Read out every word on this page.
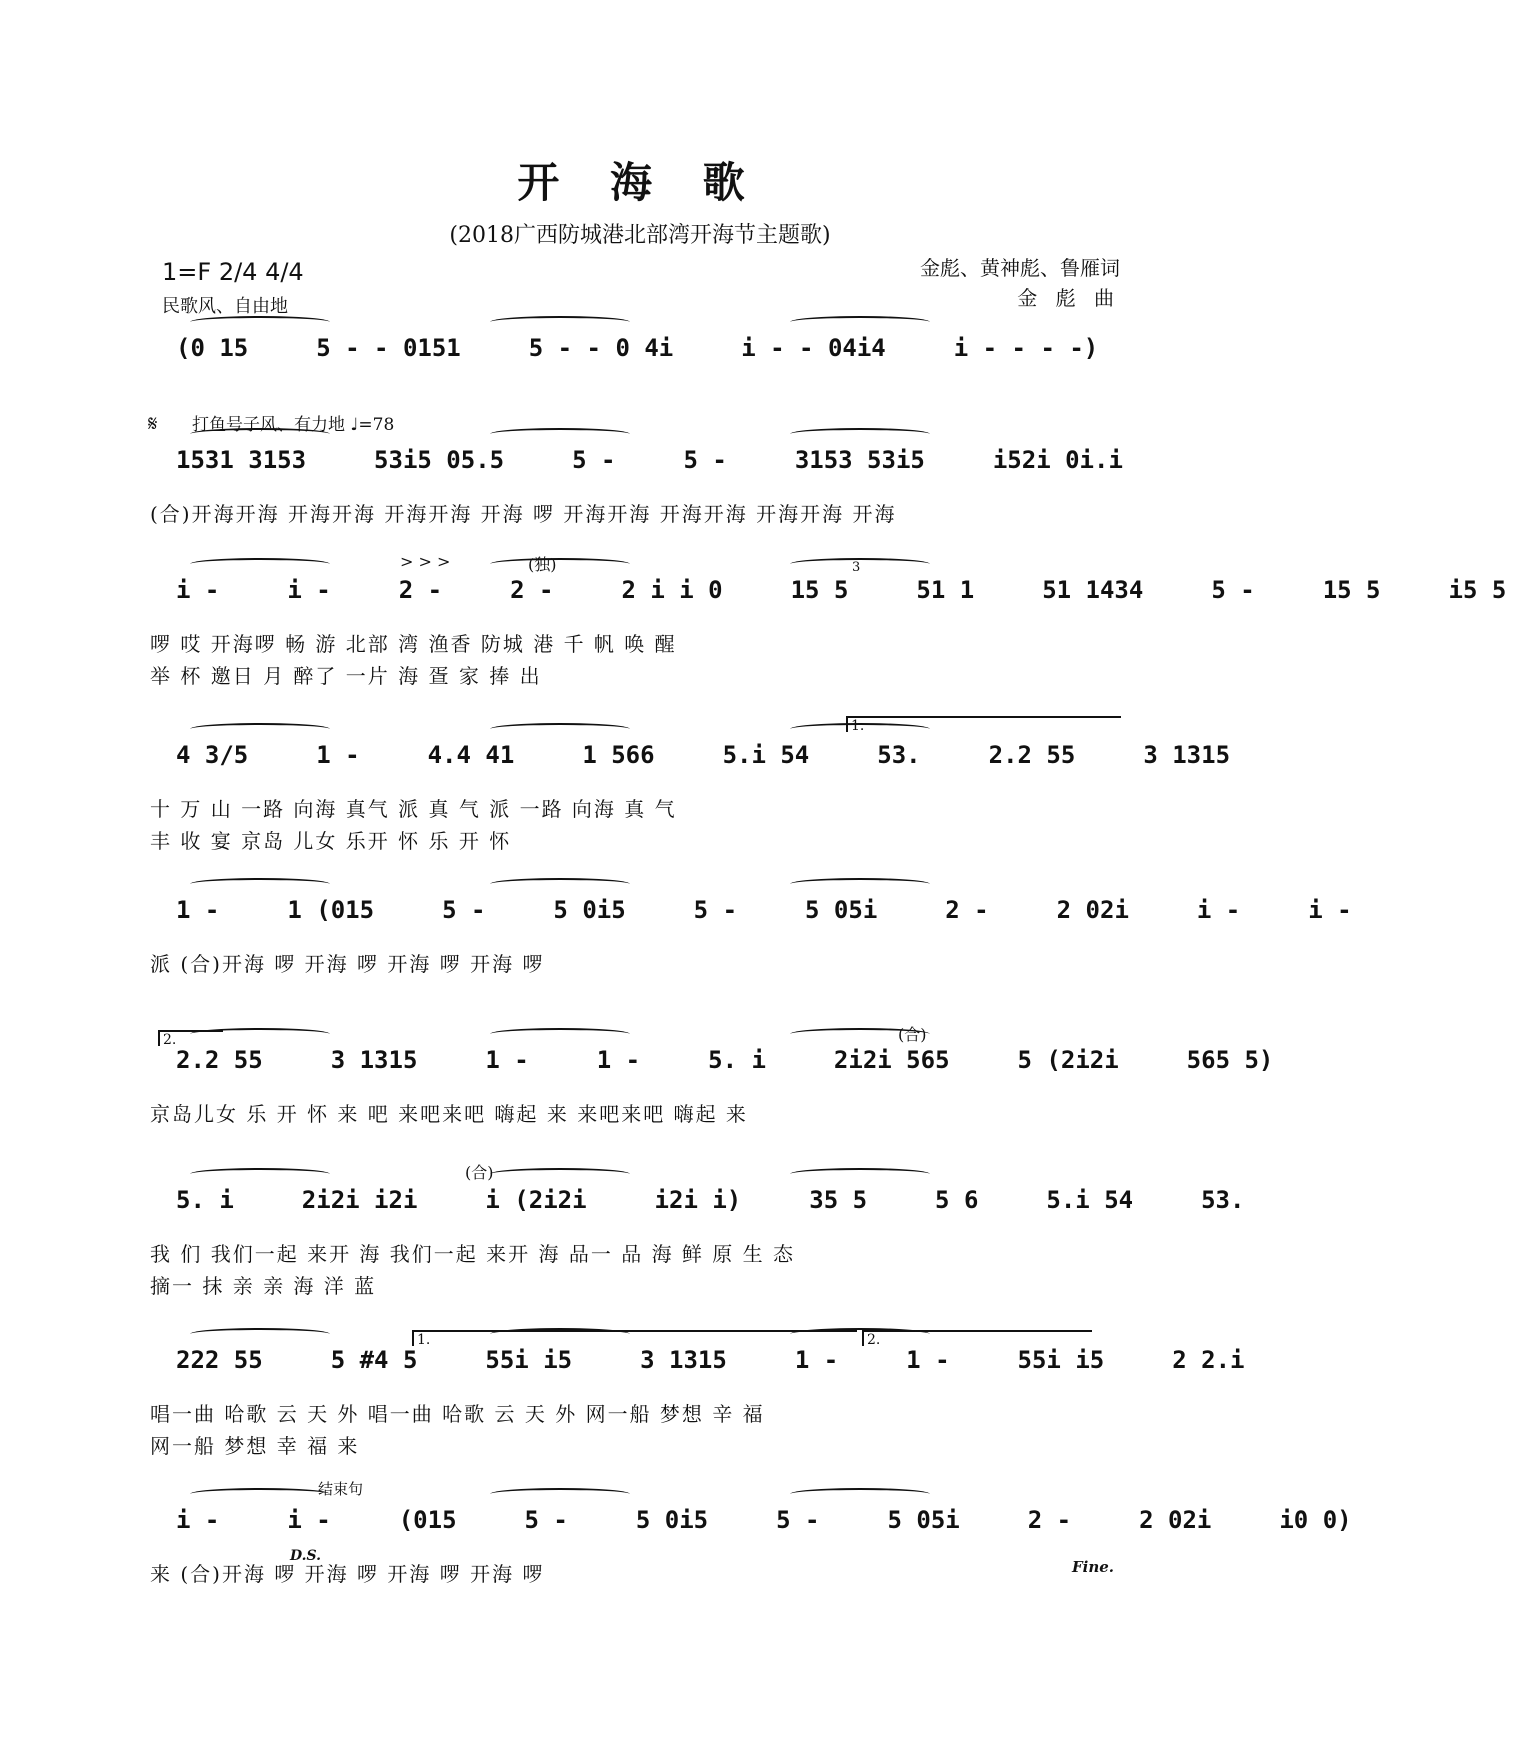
开 海 歌
(2018广西防城港北部湾开海节主题歌)
1=F 2/4 4/4
民歌风、自由地
金彪、黄神彪、鲁雁词
金 彪 曲
𝄋 打鱼号子风、有力地 ♩=78
(独)
> > >	3
(合)
(合)
结束句
D.S.
Fine.
1.
2.
1.	2.
(0 15	5 - - 0151	5 - - 0 4i	i - - 04i4	i - - - -)
1531 3153	53i5 05.5	5 -	5 -	3153 53i5	i52i 0i.i
(合)开海开海 开海开海 开海开海 开海 啰 开海开海 开海开海 开海开海 开海
i -	i -	2 -	2 -	2 i i 0	15 5	51 1	51 1434	5 -	15 5	i5 5
啰 哎 开海啰 畅 游 北部 湾 渔香 防城 港 千 帆 唤 醒
举 杯 邀日 月 醉了 一片 海 疍 家 捧 出
4 3/5	1 -	4.4 41	1 566	5.i 54	53.	2.2 55	3 1315
十 万 山 一路 向海 真气 派 真 气 派 一路 向海 真 气
丰 收 宴 京岛 儿女 乐开 怀 乐 开 怀
1 -	1 (015	5 -	5 0i5	5 -	5 05i	2 -	2 02i	i -	i -
派 (合)开海 啰 开海 啰 开海 啰 开海 啰
2.2 55	3 1315	1 -	1 -	5. i	2i2i 565	5 (2i2i	565 5)
京岛儿女 乐 开 怀 来 吧 来吧来吧 嗨起 来 来吧来吧 嗨起 来
5. i	2i2i i2i	i (2i2i	i2i i)	35 5	5 6	5.i 54	53.
我 们 我们一起 来开 海 我们一起 来开 海 品一 品 海 鲜 原 生 态
摘一 抹 亲 亲 海 洋 蓝
222 55	5 #4 5	55i i5	3 1315	1 -	1 -	55i i5	2 2.i
唱一曲 哈歌 云 天 外 唱一曲 哈歌 云 天 外 网一船 梦想 辛 福
网一船 梦想 幸 福 来
i -	i -	(015	5 -	5 0i5	5 -	5 05i	2 -	2 02i	i0 0)
来 (合)开海 啰 开海 啰 开海 啰 开海 啰
